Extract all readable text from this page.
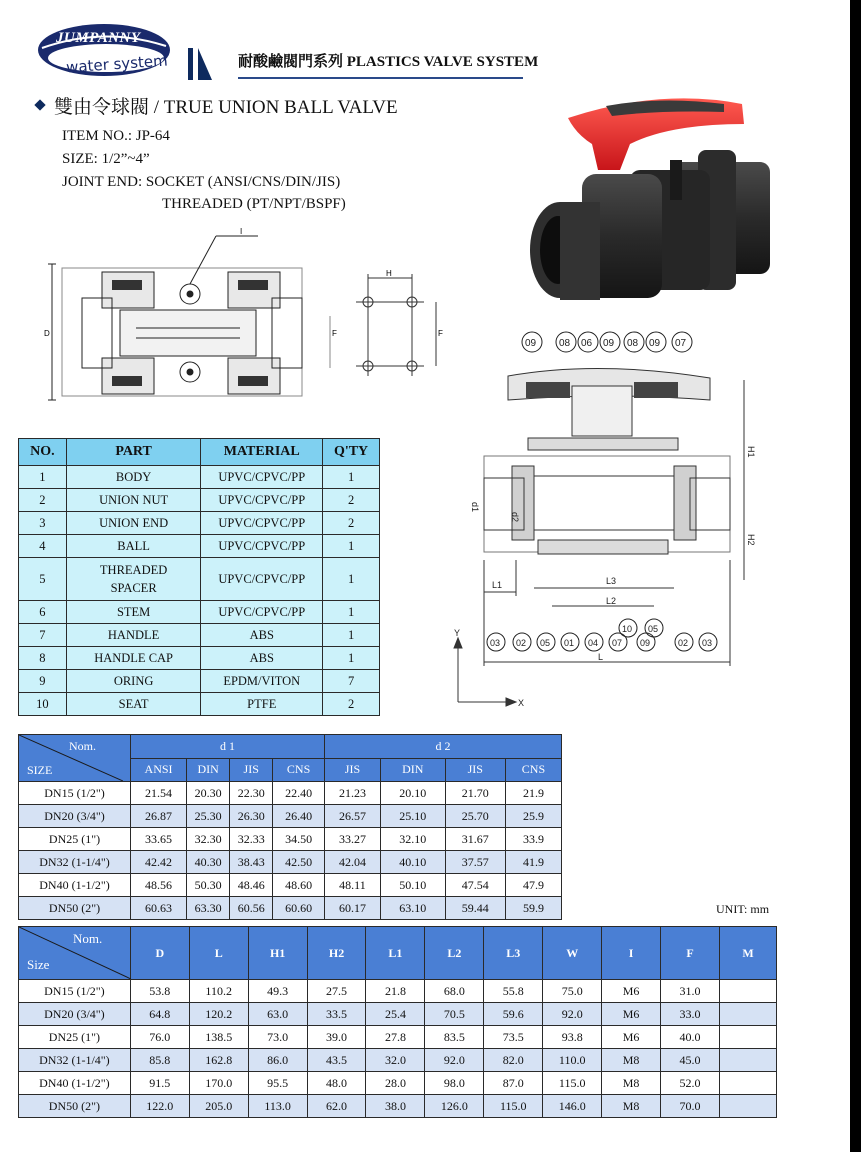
JUMPANNY
water system	耐酸鹼閥門系列 PLASTICS VALVE SYSTEM
雙由令球閥 / TRUE UNION BALL VALVE
ITEM NO.: JP-64
SIZE: 1/2”~4”
JOINT END: SOCKET (ANSI/CNS/DIN/JIS)
THREADED (PT/NPT/BSPF)
D
I
F
H
F
09 08 06 09 08 09 07
H1
H2
d1
d2
L1	L3
L2
L
Y
X
10 05
03 02 05 01 04 07 09	02 03
NO.	PART	MATERIAL	Q'TY
1	BODY	UPVC/CPVC/PP	1
2	UNION NUT	UPVC/CPVC/PP	2
3	UNION END	UPVC/CPVC/PP	2
4	BALL	UPVC/CPVC/PP	1
5	THREADED
SPACER	UPVC/CPVC/PP	1
6	STEM	UPVC/CPVC/PP	1
7	HANDLE	ABS	1
8	HANDLE CAP	ABS	1
9	ORING	EPDM/VITON	7
10	SEAT	PTFE	2
Nom.
SIZE	d 1				d 2			
	ANSI	DIN	JIS	CNS	JIS	DIN	JIS	CNS
DN15 (1/2")	21.54	20.30	22.30	22.40	21.23	20.10	21.70	21.9
DN20 (3/4")	26.87	25.30	26.30	26.40	26.57	25.10	25.70	25.9
DN25 (1")	33.65	32.30	32.33	34.50	33.27	32.10	31.67	33.9
DN32 (1-1/4")	42.42	40.30	38.43	42.50	42.04	40.10	37.57	41.9
DN40 (1-1/2")	48.56	50.30	48.46	48.60	48.11	50.10	47.54	47.9
DN50 (2")	60.63	63.30	60.56	60.60	60.17	63.10	59.44	59.9	UNIT: mm
Nom.
Size	D	L	H1	H2	L1	L2	L3	W	I	F	M
DN15 (1/2")	53.8	110.2	49.3	27.5	21.8	68.0	55.8	75.0	M6	31.0	
DN20 (3/4")	64.8	120.2	63.0	33.5	25.4	70.5	59.6	92.0	M6	33.0	
DN25 (1")	76.0	138.5	73.0	39.0	27.8	83.5	73.5	93.8	M6	40.0	
DN32 (1-1/4")	85.8	162.8	86.0	43.5	32.0	92.0	82.0	110.0	M8	45.0	
DN40 (1-1/2")	91.5	170.0	95.5	48.0	28.0	98.0	87.0	115.0	M8	52.0	
DN50 (2")	122.0	205.0	113.0	62.0	38.0	126.0	115.0	146.0	M8	70.0	
